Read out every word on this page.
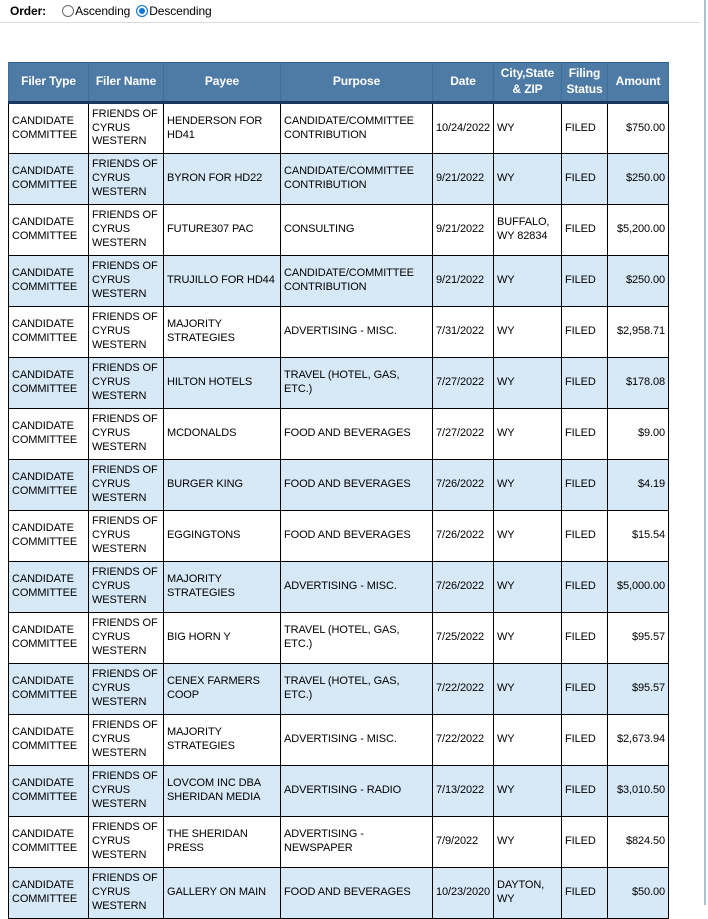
Order: Ascending Descending
Filer Type	Filer Name	Payee	Purpose	Date	City,State & ZIP	Filing Status	Amount
CANDIDATE COMMITTEE	FRIENDS OF CYRUS WESTERN	HENDERSON FOR HD41	CANDIDATE/COMMITTEE CONTRIBUTION	10/24/2022	WY	FILED	$750.00
CANDIDATE COMMITTEE	FRIENDS OF CYRUS WESTERN	BYRON FOR HD22	CANDIDATE/COMMITTEE CONTRIBUTION	9/21/2022	WY	FILED	$250.00
CANDIDATE COMMITTEE	FRIENDS OF CYRUS WESTERN	FUTURE307 PAC	CONSULTING	9/21/2022	BUFFALO, WY 82834	FILED	$5,200.00
CANDIDATE COMMITTEE	FRIENDS OF CYRUS WESTERN	TRUJILLO FOR HD44	CANDIDATE/COMMITTEE CONTRIBUTION	9/21/2022	WY	FILED	$250.00
CANDIDATE COMMITTEE	FRIENDS OF CYRUS WESTERN	MAJORITY STRATEGIES	ADVERTISING - MISC.	7/31/2022	WY	FILED	$2,958.71
CANDIDATE COMMITTEE	FRIENDS OF CYRUS WESTERN	HILTON HOTELS	TRAVEL (HOTEL, GAS, ETC.)	7/27/2022	WY	FILED	$178.08
CANDIDATE COMMITTEE	FRIENDS OF CYRUS WESTERN	MCDONALDS	FOOD AND BEVERAGES	7/27/2022	WY	FILED	$9.00
CANDIDATE COMMITTEE	FRIENDS OF CYRUS WESTERN	BURGER KING	FOOD AND BEVERAGES	7/26/2022	WY	FILED	$4.19
CANDIDATE COMMITTEE	FRIENDS OF CYRUS WESTERN	EGGINGTONS	FOOD AND BEVERAGES	7/26/2022	WY	FILED	$15.54
CANDIDATE COMMITTEE	FRIENDS OF CYRUS WESTERN	MAJORITY STRATEGIES	ADVERTISING - MISC.	7/26/2022	WY	FILED	$5,000.00
CANDIDATE COMMITTEE	FRIENDS OF CYRUS WESTERN	BIG HORN Y	TRAVEL (HOTEL, GAS, ETC.)	7/25/2022	WY	FILED	$95.57
CANDIDATE COMMITTEE	FRIENDS OF CYRUS WESTERN	CENEX FARMERS COOP	TRAVEL (HOTEL, GAS, ETC.)	7/22/2022	WY	FILED	$95.57
CANDIDATE COMMITTEE	FRIENDS OF CYRUS WESTERN	MAJORITY STRATEGIES	ADVERTISING - MISC.	7/22/2022	WY	FILED	$2,673.94
CANDIDATE COMMITTEE	FRIENDS OF CYRUS WESTERN	LOVCOM INC DBA SHERIDAN MEDIA	ADVERTISING - RADIO	7/13/2022	WY	FILED	$3,010.50
CANDIDATE COMMITTEE	FRIENDS OF CYRUS WESTERN	THE SHERIDAN PRESS	ADVERTISING - NEWSPAPER	7/9/2022	WY	FILED	$824.50
CANDIDATE COMMITTEE	FRIENDS OF CYRUS WESTERN	GALLERY ON MAIN	FOOD AND BEVERAGES	10/23/2020	DAYTON, WY	FILED	$50.00
